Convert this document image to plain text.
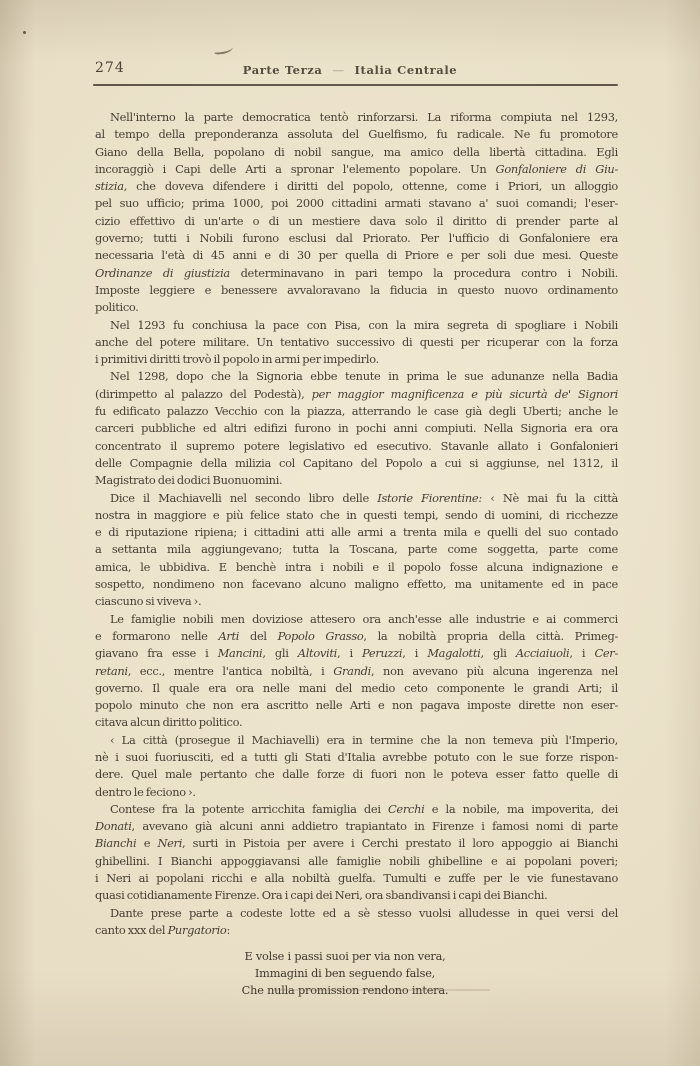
274	Parte Terza — Italia Centrale
Nell'interno la parte democratica tentò rinforzarsi. La riforma compiuta nel 1293,
al tempo della preponderanza assoluta del Guelfismo, fu radicale. Ne fu promotore
Giano della Bella, popolano di nobil sangue, ma amico della libertà cittadina. Egli
incoraggiò i Capi delle Arti a spronar l'elemento popolare. Un Gonfaloniere di Giu-
stizia, che doveva difendere i diritti del popolo, ottenne, come i Priori, un alloggio
pel suo ufficio; prima 1000, poi 2000 cittadini armati stavano a' suoi comandi; l'eser-
cizio effettivo di un'arte o di un mestiere dava solo il diritto di prender parte al
governo; tutti i Nobili furono esclusi dal Priorato. Per l'ufficio di Gonfaloniere era
necessaria l'età di 45 anni e di 30 per quella di Priore e per soli due mesi. Queste
Ordinanze di giustizia determinavano in pari tempo la procedura contro i Nobili.
Imposte leggiere e benessere avvaloravano la fiducia in questo nuovo ordinamento
politico.
Nel 1293 fu conchiusa la pace con Pisa, con la mira segreta di spogliare i Nobili
anche del potere militare. Un tentativo successivo di questi per ricuperar con la forza
i primitivi diritti trovò il popolo in armi per impedirlo.
Nel 1298, dopo che la Signoria ebbe tenute in prima le sue adunanze nella Badia
(dirimpetto al palazzo del Podestà), per maggior magnificenza e più sicurtà de' Signori
fu edificato palazzo Vecchio con la piazza, atterrando le case già degli Uberti; anche le
carceri pubbliche ed altri edifizi furono in pochi anni compiuti. Nella Signoria era ora
concentrato il supremo potere legislativo ed esecutivo. Stavanle allato i Gonfalonieri
delle Compagnie della milizia col Capitano del Popolo a cui si aggiunse, nel 1312, il
Magistrato dei dodici Buonuomini.
Dice il Machiavelli nel secondo libro delle Istorie Fiorentine: ‹ Nè mai fu la città
nostra in maggiore e più felice stato che in questi tempi, sendo di uomini, di ricchezze
e di riputazione ripiena; i cittadini atti alle armi a trenta mila e quelli del suo contado
a settanta mila aggiungevano; tutta la Toscana, parte come soggetta, parte come
amica, le ubbidiva. E benchè intra i nobili e il popolo fosse alcuna indignazione e
sospetto, nondimeno non facevano alcuno maligno effetto, ma unitamente ed in pace
ciascuno si viveva ›.
Le famiglie nobili men doviziose attesero ora anch'esse alle industrie e ai commerci
e formarono nelle Arti del Popolo Grasso, la nobiltà propria della città. Primeg-
giavano fra esse i Mancini, gli Altoviti, i Peruzzi, i Magalotti, gli Acciaiuoli, i Cer-
retani, ecc., mentre l'antica nobiltà, i Grandi, non avevano più alcuna ingerenza nel
governo. Il quale era ora nelle mani del medio ceto componente le grandi Arti; il
popolo minuto che non era ascritto nelle Arti e non pagava imposte dirette non eser-
citava alcun diritto politico.
‹ La città (prosegue il Machiavelli) era in termine che la non temeva più l'Imperio,
nè i suoi fuoriusciti, ed a tutti gli Stati d'Italia avrebbe potuto con le sue forze rispon-
dere. Quel male pertanto che dalle forze di fuori non le poteva esser fatto quelle di
dentro le feciono ›.
Contese fra la potente arricchita famiglia dei Cerchi e la nobile, ma impoverita, dei
Donati, avevano già alcuni anni addietro trapiantato in Firenze i famosi nomi di parte
Bianchi e Neri, surti in Pistoia per avere i Cerchi prestato il loro appoggio ai Bianchi
ghibellini. I Bianchi appoggiavansi alle famiglie nobili ghibelline e ai popolani poveri;
i Neri ai popolani ricchi e alla nobiltà guelfa. Tumulti e zuffe per le vie funestavano
quasi cotidianamente Firenze. Ora i capi dei Neri, ora sbandivansi i capi dei Bianchi.
Dante prese parte a codeste lotte ed a sè stesso vuolsi alludesse in quei versi del
canto xxx del Purgatorio:
E volse i passi suoi per via non vera,
Immagini di ben seguendo false,
Che nulla promission rendono intera.
